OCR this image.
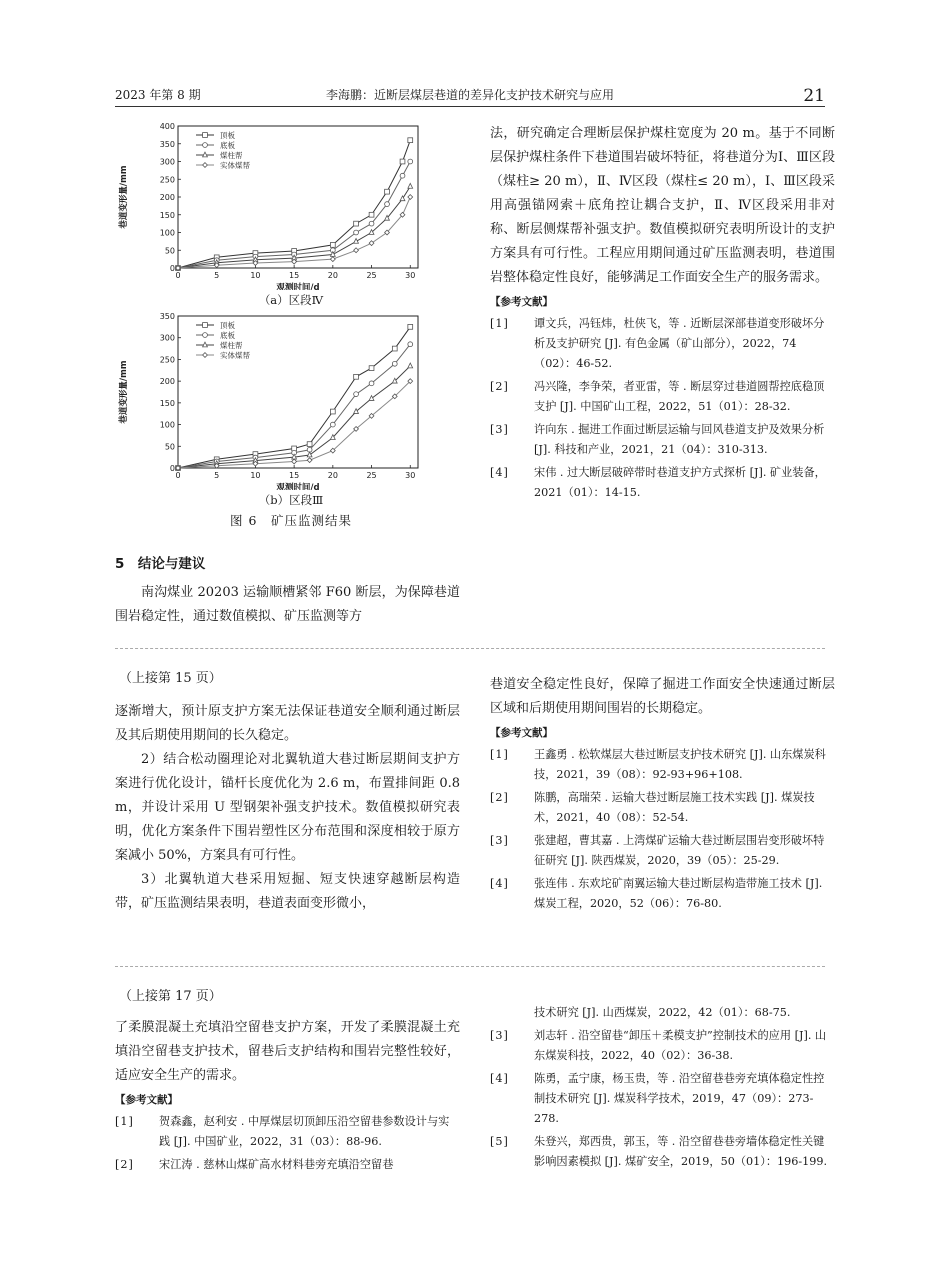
2023 年第 8 期	李海鹏：近断层煤层巷道的差异化支护技术研究与应用	21
0
50
100
150
200
250
300
350
400
0	5	10	15	20	25	30
观测时间/d
巷道变形量/mm
顶板
底板
煤柱帮
实体煤帮
（a）区段Ⅳ
0
50
100
150
200
250
300
350
0	5	10	15	20	25	30
观测时间/d
巷道变形量/mm
顶板
底板
煤柱帮
实体煤帮
（b）区段Ⅲ
图 6　矿压监测结果

5　结论与建议

南沟煤业 20203 运输顺槽紧邻 F60 断层，为保障巷道围岩稳定性，通过数值模拟、矿压监测等方

法，研究确定合理断层保护煤柱宽度为 20 m。基于不同断层保护煤柱条件下巷道围岩破坏特征，将巷道分为Ⅰ、Ⅲ区段（煤柱≥ 20 m），Ⅱ、Ⅳ区段（煤柱≤ 20 m），Ⅰ、Ⅲ区段采用高强锚网索＋底角控让耦合支护，Ⅱ、Ⅳ区段采用非对称、断层侧煤帮补强支护。数值模拟研究表明所设计的支护方案具有可行性。工程应用期间通过矿压监测表明，巷道围岩整体稳定性良好，能够满足工作面安全生产的服务需求。

【参考文献】
[1]	谭文兵，冯钰炜，杜侠飞，等 . 近断层深部巷道变形破坏分析及支护研究 [J]. 有色金属（矿山部分），2022，74（02）：46-52.
[2]	冯兴隆，李争荣，者亚雷，等 . 断层穿过巷道圆帮控底稳顶支护 [J]. 中国矿山工程，2022，51（01）：28-32.
[3]	许向东 . 掘进工作面过断层运输与回风巷道支护及效果分析 [J]. 科技和产业，2021，21（04）：310-313.
[4]	宋伟 . 过大断层破碎带时巷道支护方式探析 [J]. 矿业装备，2021（01）：14-15.

（上接第 15 页）

逐渐增大，预计原支护方案无法保证巷道安全顺利通过断层及其后期使用期间的长久稳定。

2）结合松动圈理论对北翼轨道大巷过断层期间支护方案进行优化设计，锚杆长度优化为 2.6 m，布置排间距 0.8 m，并设计采用 U 型钢架补强支护技术。数值模拟研究表明，优化方案条件下围岩塑性区分布范围和深度相较于原方案减小 50%，方案具有可行性。

3）北翼轨道大巷采用短掘、短支快速穿越断层构造带，矿压监测结果表明，巷道表面变形微小，

巷道安全稳定性良好，保障了掘进工作面安全快速通过断层区域和后期使用期间围岩的长期稳定。

【参考文献】
[1]	王鑫勇 . 松软煤层大巷过断层支护技术研究 [J]. 山东煤炭科技，2021，39（08）：92-93+96+108.
[2]	陈鹏，高瑞荣 . 运输大巷过断层施工技术实践 [J]. 煤炭技术，2021，40（08）：52-54.
[3]	张建超，曹其嘉 . 上湾煤矿运输大巷过断层围岩变形破坏特征研究 [J]. 陕西煤炭，2020，39（05）：25-29.
[4]	张连伟 . 东欢坨矿南翼运输大巷过断层构造带施工技术 [J]. 煤炭工程，2020，52（06）：76-80.

（上接第 17 页）

了柔膜混凝土充填沿空留巷支护方案，开发了柔膜混凝土充填沿空留巷支护技术，留巷后支护结构和围岩完整性较好，适应安全生产的需求。

【参考文献】
[1]	贺森鑫，赵利安 . 中厚煤层切顶卸压沿空留巷参数设计与实践 [J]. 中国矿业，2022，31（03）：88-96.
[2]	宋江涛 . 慈林山煤矿高水材料巷旁充填沿空留巷
技术研究 [J]. 山西煤炭，2022，42（01）：68-75.
[3]	刘志轩 . 沿空留巷“卸压＋柔模支护”控制技术的应用 [J]. 山东煤炭科技，2022，40（02）：36-38.
[4]	陈勇，孟宁康，杨玉贵，等 . 沿空留巷巷旁充填体稳定性控制技术研究 [J]. 煤炭科学技术，2019，47（09）：273-278.
[5]	朱登兴，郑西贵，郭玉，等 . 沿空留巷巷旁墙体稳定性关键影响因素模拟 [J]. 煤矿安全，2019，50（01）：196-199.
